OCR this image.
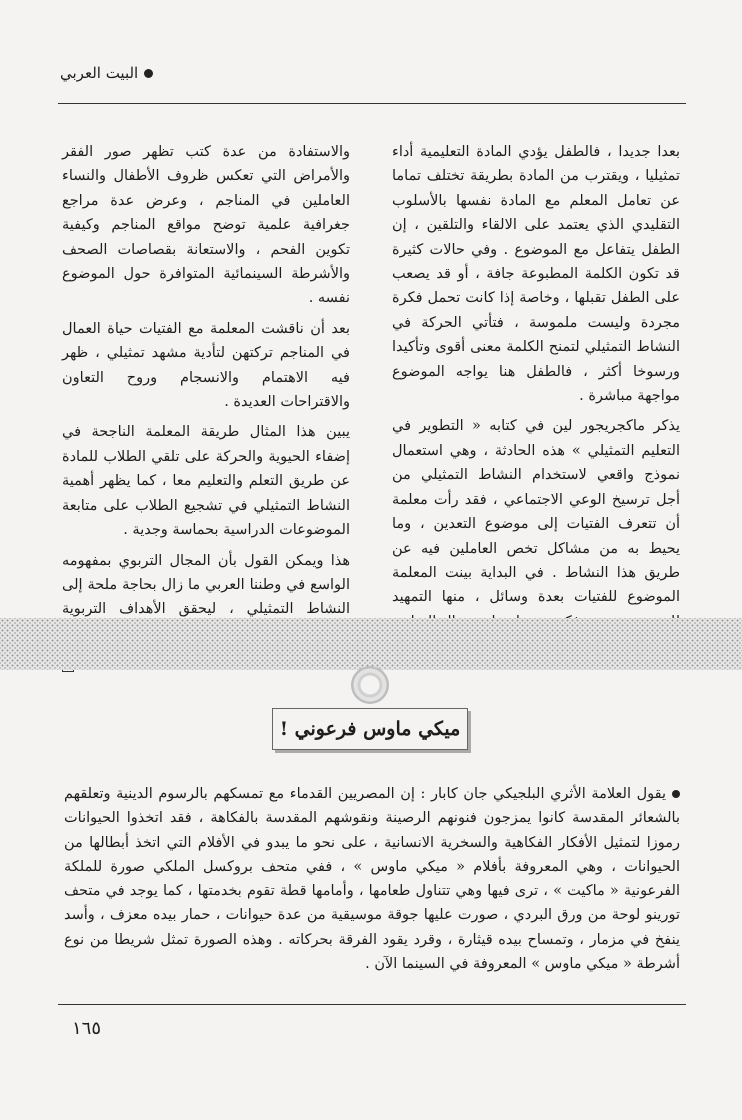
البيت العربي

بعدا جديدا ، فالطفل يؤدي المادة التعليمية أداء تمثيليا ، ويقترب من المادة بطريقة تختلف تماما عن تعامل المعلم مع المادة نفسها بالأسلوب التقليدي الذي يعتمد على الالقاء والتلقين ، إن الطفل يتفاعل مع الموضوع . وفي حالات كثيرة قد تكون الكلمة المطبوعة جافة ، أو قد يصعب على الطفل تقبلها ، وخاصة إذا كانت تحمل فكرة مجردة وليست ملموسة ، فتأتي الحركة في النشاط التمثيلي لتمنح الكلمة معنى أقوى وتأكيدا ورسوخا أكثر ، فالطفل هنا يواجه الموضوع مواجهة مباشرة .

يذكر ماكجريجور لين في كتابه « التطوير في التعليم التمثيلي » هذه الحادثة ، وهي استعمال نموذج واقعي لاستخدام النشاط التمثيلي من أجل ترسيخ الوعي الاجتماعي ، فقد رأت معلمة أن تتعرف الفتيات إلى موضوع التعدين ، وما يحيط به من مشاكل تخص العاملين فيه عن طريق هذا النشاط . في البداية بينت المعلمة الموضوع للفتيات بعدة وسائل ، منها التمهيد

والاستفادة من عدة كتب تظهر صور الفقر والأمراض التي تعكس ظروف الأطفال والنساء العاملين في المناجم ، وعرض عدة مراجع جغرافية علمية توضح مواقع المناجم وكيفية تكوين الفحم ، والاستعانة بقصاصات الصحف والأشرطة السينمائية المتوافرة حول الموضوع نفسه .

بعد أن ناقشت المعلمة مع الفتيات حياة العمال في المناجم تركتهن لتأدية مشهد تمثيلي ، ظهر فيه الاهتمام والانسجام وروح التعاون والاقتراحات العديدة .

يبين هذا المثال طريقة المعلمة الناجحة في إضفاء الحيوية والحركة على تلقي الطلاب للمادة عن طريق التعلم والتعليم معا ، كما يظهر أهمية النشاط التمثيلي في تشجيع الطلاب على متابعة الموضوعات الدراسية بحماسة وجدية .

هذا ويمكن القول بأن المجال التربوي بمفهومه الواسع في وطننا العربي ما زال بحاجة ملحة إلى النشاط التمثيلي ، ليحقق الأهداف التربوية

ميكي ماوس فرعوني !
يقول العلامة الأثري البلجيكي جان كابار : إن المصريين القدماء مع تمسكهم بالرسوم الدينية وتعلقهم بالشعائر المقدسة كانوا يمزجون فنونهم الرصينة ونقوشهم المقدسة بالفكاهة ، فقد اتخذوا الحيوانات رموزا لتمثيل الأفكار الفكاهية والسخرية الانسانية ، على نحو ما يبدو في الأفلام التي اتخذ أبطالها من الحيوانات ، وهي المعروفة بأفلام « ميكي ماوس » ، ففي متحف بروكسل الملكي صورة للملكة الفرعونية « ماكيت » ، ترى فيها وهي تتناول طعامها ، وأمامها قطة تقوم بخدمتها ، كما يوجد في متحف تورينو لوحة من ورق البردي ، صورت عليها جوقة موسيقية من عدة حيوانات ، حمار بيده معزف ، وأسد ينفخ في مزمار ، وتمساح بيده قيثارة ، وقرد يقود الفرقة بحركاته . وهذه الصورة تمثل شريطا من نوع أشرطة « ميكي ماوس » المعروفة في السينما الآن .
١٦٥
